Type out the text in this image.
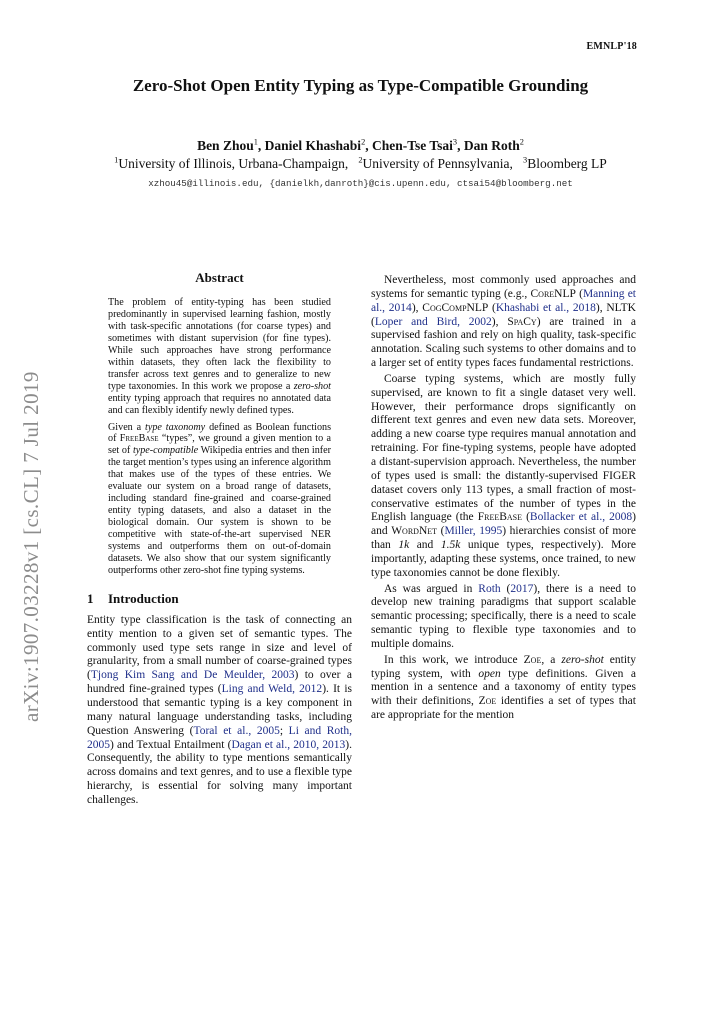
EMNLP'18
Zero-Shot Open Entity Typing as Type-Compatible Grounding
Ben Zhou$^1$, Daniel Khashabi$^2$, Chen-Tse Tsai$^3$, Dan Roth$^2$
$^1$University of Illinois, Urbana-Champaign, $^2$University of Pennsylvania, $^3$Bloomberg LP
xzhou45@illinois.edu, {danielkh,danroth}@cis.upenn.edu, ctsai54@bloomberg.net
arXiv:1907.03228v1 [cs.CL] 7 Jul 2019
Abstract

The problem of entity-typing has been studied predominantly in supervised learning fashion, mostly with task-specific annotations (for coarse types) and sometimes with distant supervision (for fine types). While such approaches have strong performance within datasets, they often lack the flexibility to transfer across text genres and to generalize to new type taxonomies. In this work we propose a zero-shot entity typing approach that requires no annotated data and can flexibly identify newly defined types.

Given a type taxonomy defined as Boolean functions of FreeBase “types”, we ground a given mention to a set of type-compatible Wikipedia entries and then infer the target mention’s types using an inference algorithm that makes use of the types of these entries. We evaluate our system on a broad range of datasets, including standard fine-grained and coarse-grained entity typing datasets, and also a dataset in the biological domain. Our system is shown to be competitive with state-of-the-art supervised NER systems and outperforms them on out-of-domain datasets. We also show that our system significantly outperforms other zero-shot fine typing systems.

1 Introduction

Entity type classification is the task of connecting an entity mention to a given set of semantic types. The commonly used type sets range in size and level of granularity, from a small number of coarse-grained types (Tjong Kim Sang and De Meulder, 2003) to over a hundred fine-grained types (Ling and Weld, 2012). It is understood that semantic typing is a key component in many natural language understanding tasks, including Question Answering (Toral et al., 2005; Li and Roth, 2005) and Textual Entailment (Dagan et al., 2010, 2013). Consequently, the ability to type mentions semantically across domains and text genres, and to use a flexible type hierarchy, is essential for solving many important challenges.

Nevertheless, most commonly used approaches and systems for semantic typing (e.g., CoreNLP (Manning et al., 2014), CogCompNLP (Khashabi et al., 2018), NLTK (Loper and Bird, 2002), SpaCy) are trained in a supervised fashion and rely on high quality, task-specific annotation. Scaling such systems to other domains and to a larger set of entity types faces fundamental restrictions.

Coarse typing systems, which are mostly fully supervised, are known to fit a single dataset very well. However, their performance drops significantly on different text genres and even new data sets. Moreover, adding a new coarse type requires manual annotation and retraining. For fine-typing systems, people have adopted a distant-supervision approach. Nevertheless, the number of types used is small: the distantly-supervised FIGER dataset covers only 113 types, a small fraction of most-conservative estimates of the number of types in the English language (the FreeBase (Bollacker et al., 2008) and WordNet (Miller, 1995) hierarchies consist of more than 1k and 1.5k unique types, respectively). More importantly, adapting these systems, once trained, to new type taxonomies cannot be done flexibly.

As was argued in Roth (2017), there is a need to develop new training paradigms that support scalable semantic processing; specifically, there is a need to scale semantic typing to flexible type taxonomies and to multiple domains.

In this work, we introduce Zoe, a zero-shot entity typing system, with open type definitions. Given a mention in a sentence and a taxonomy of entity types with their definitions, Zoe identifies a set of types that are appropriate for the mention
